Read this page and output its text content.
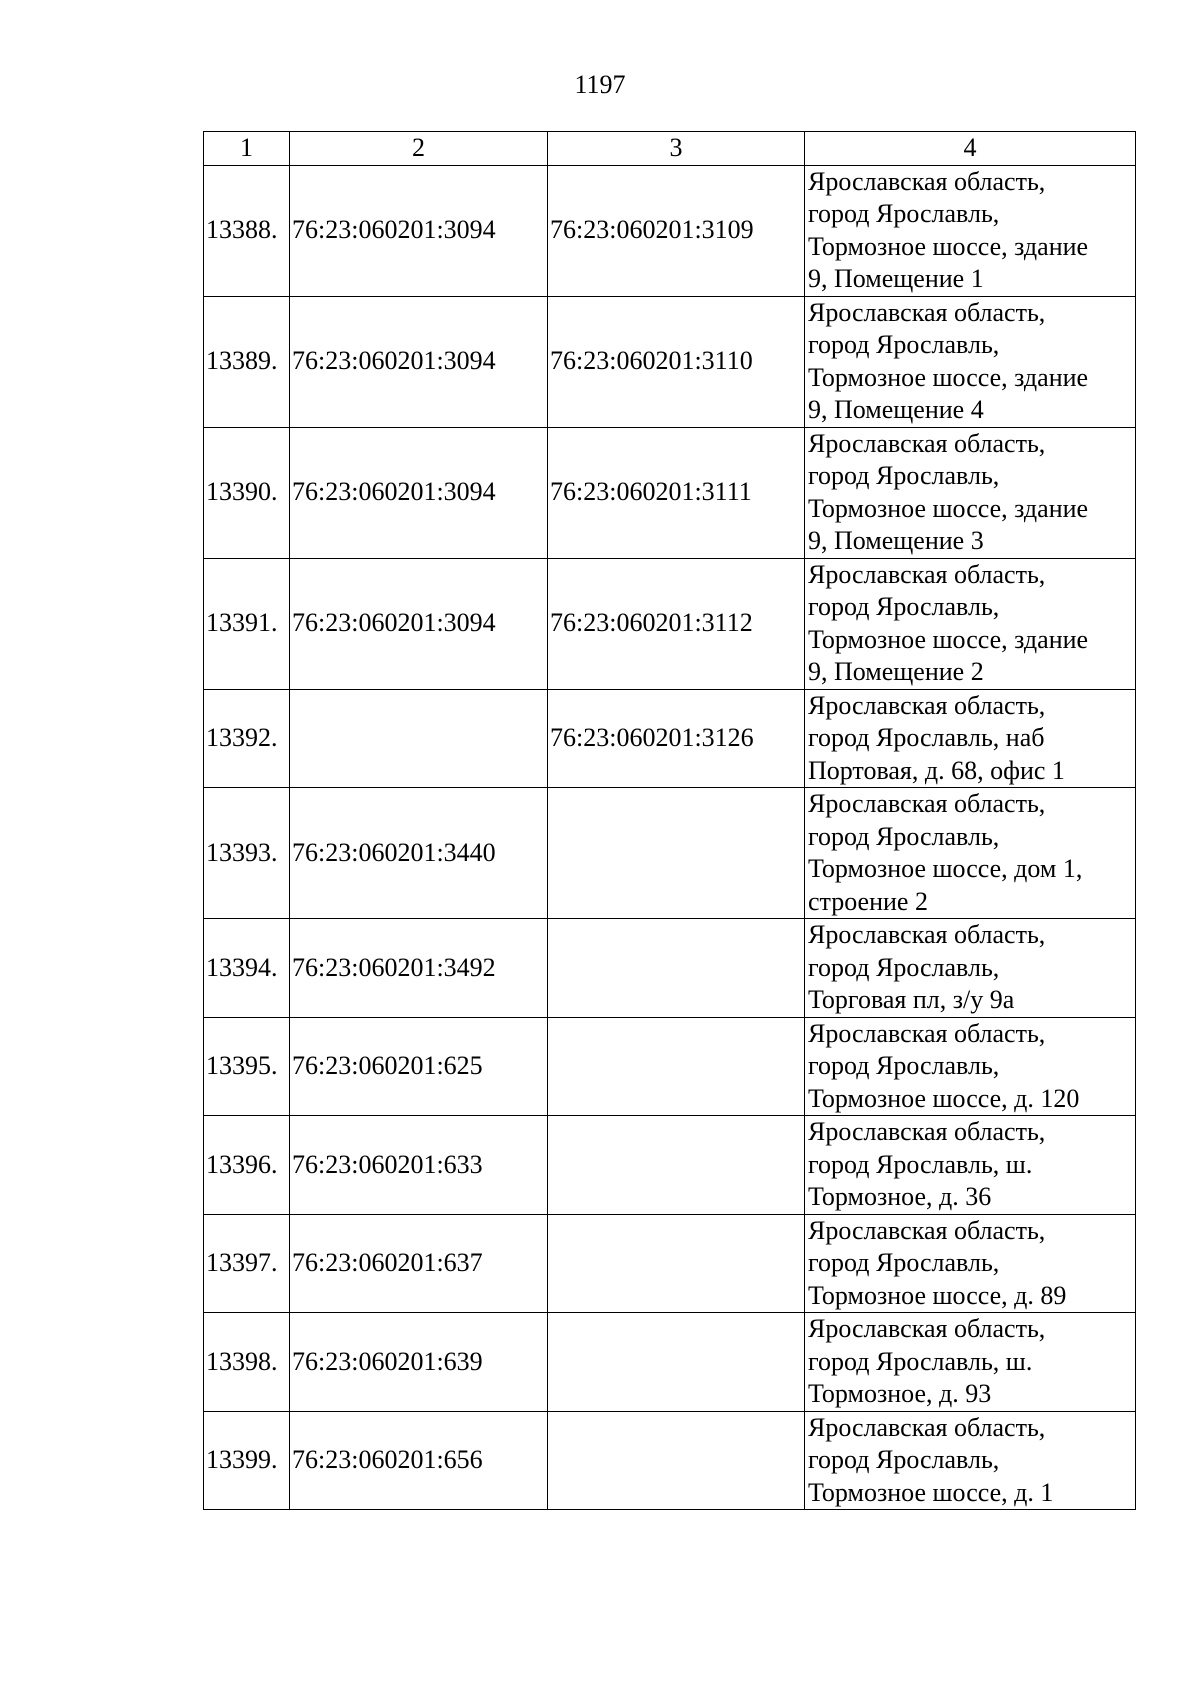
1197
1	2	3	4
13388.	76:23:060201:3094	76:23:060201:3109	Ярославская область,
город Ярославль,
Тормозное шоссе, здание
9, Помещение 1

13389.	76:23:060201:3094	76:23:060201:3110	Ярославская область,
город Ярославль,
Тормозное шоссе, здание
9, Помещение 4

13390.	76:23:060201:3094	76:23:060201:3111	Ярославская область,
город Ярославль,
Тормозное шоссе, здание
9, Помещение 3

13391.	76:23:060201:3094	76:23:060201:3112	Ярославская область,
город Ярославль,
Тормозное шоссе, здание
9, Помещение 2

13392.		76:23:060201:3126	Ярославская область,
город Ярославль, наб
Портовая, д. 68, офис 1

13393.	76:23:060201:3440		Ярославская область,
город Ярославль,
Тормозное шоссе, дом 1,
строение 2

13394.	76:23:060201:3492		Ярославская область,
город Ярославль,
Торговая пл, з/у 9а

13395.	76:23:060201:625		Ярославская область,
город Ярославль,
Тормозное шоссе, д. 120

13396.	76:23:060201:633		Ярославская область,
город Ярославль, ш.
Тормозное, д. 36

13397.	76:23:060201:637		Ярославская область,
город Ярославль,
Тормозное шоссе, д. 89

13398.	76:23:060201:639		Ярославская область,
город Ярославль, ш.
Тормозное, д. 93

13399.	76:23:060201:656		Ярославская область,
город Ярославль,
Тормозное шоссе, д. 1
